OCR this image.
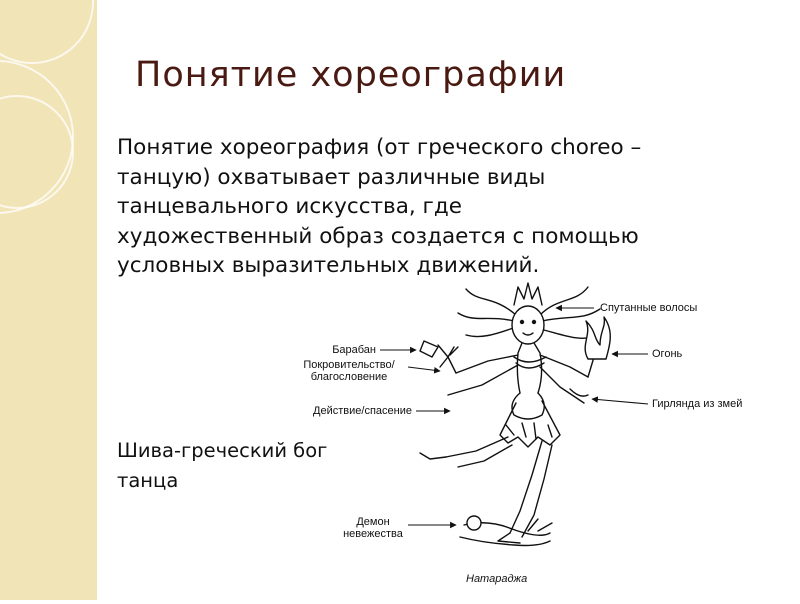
Понятие хореографии
Понятие хореография (от греческого choreo –танцую) охватывает различные виды танцевального искусства, где художественный образ создается с помощью условных выразительных движений.
Шива-греческий бог танца
Спутанные волосы
Барабан	Огонь
Покровительство/
благословение
Гирлянда из змей
Действие/спасение
Демон
невежества
Натараджа
